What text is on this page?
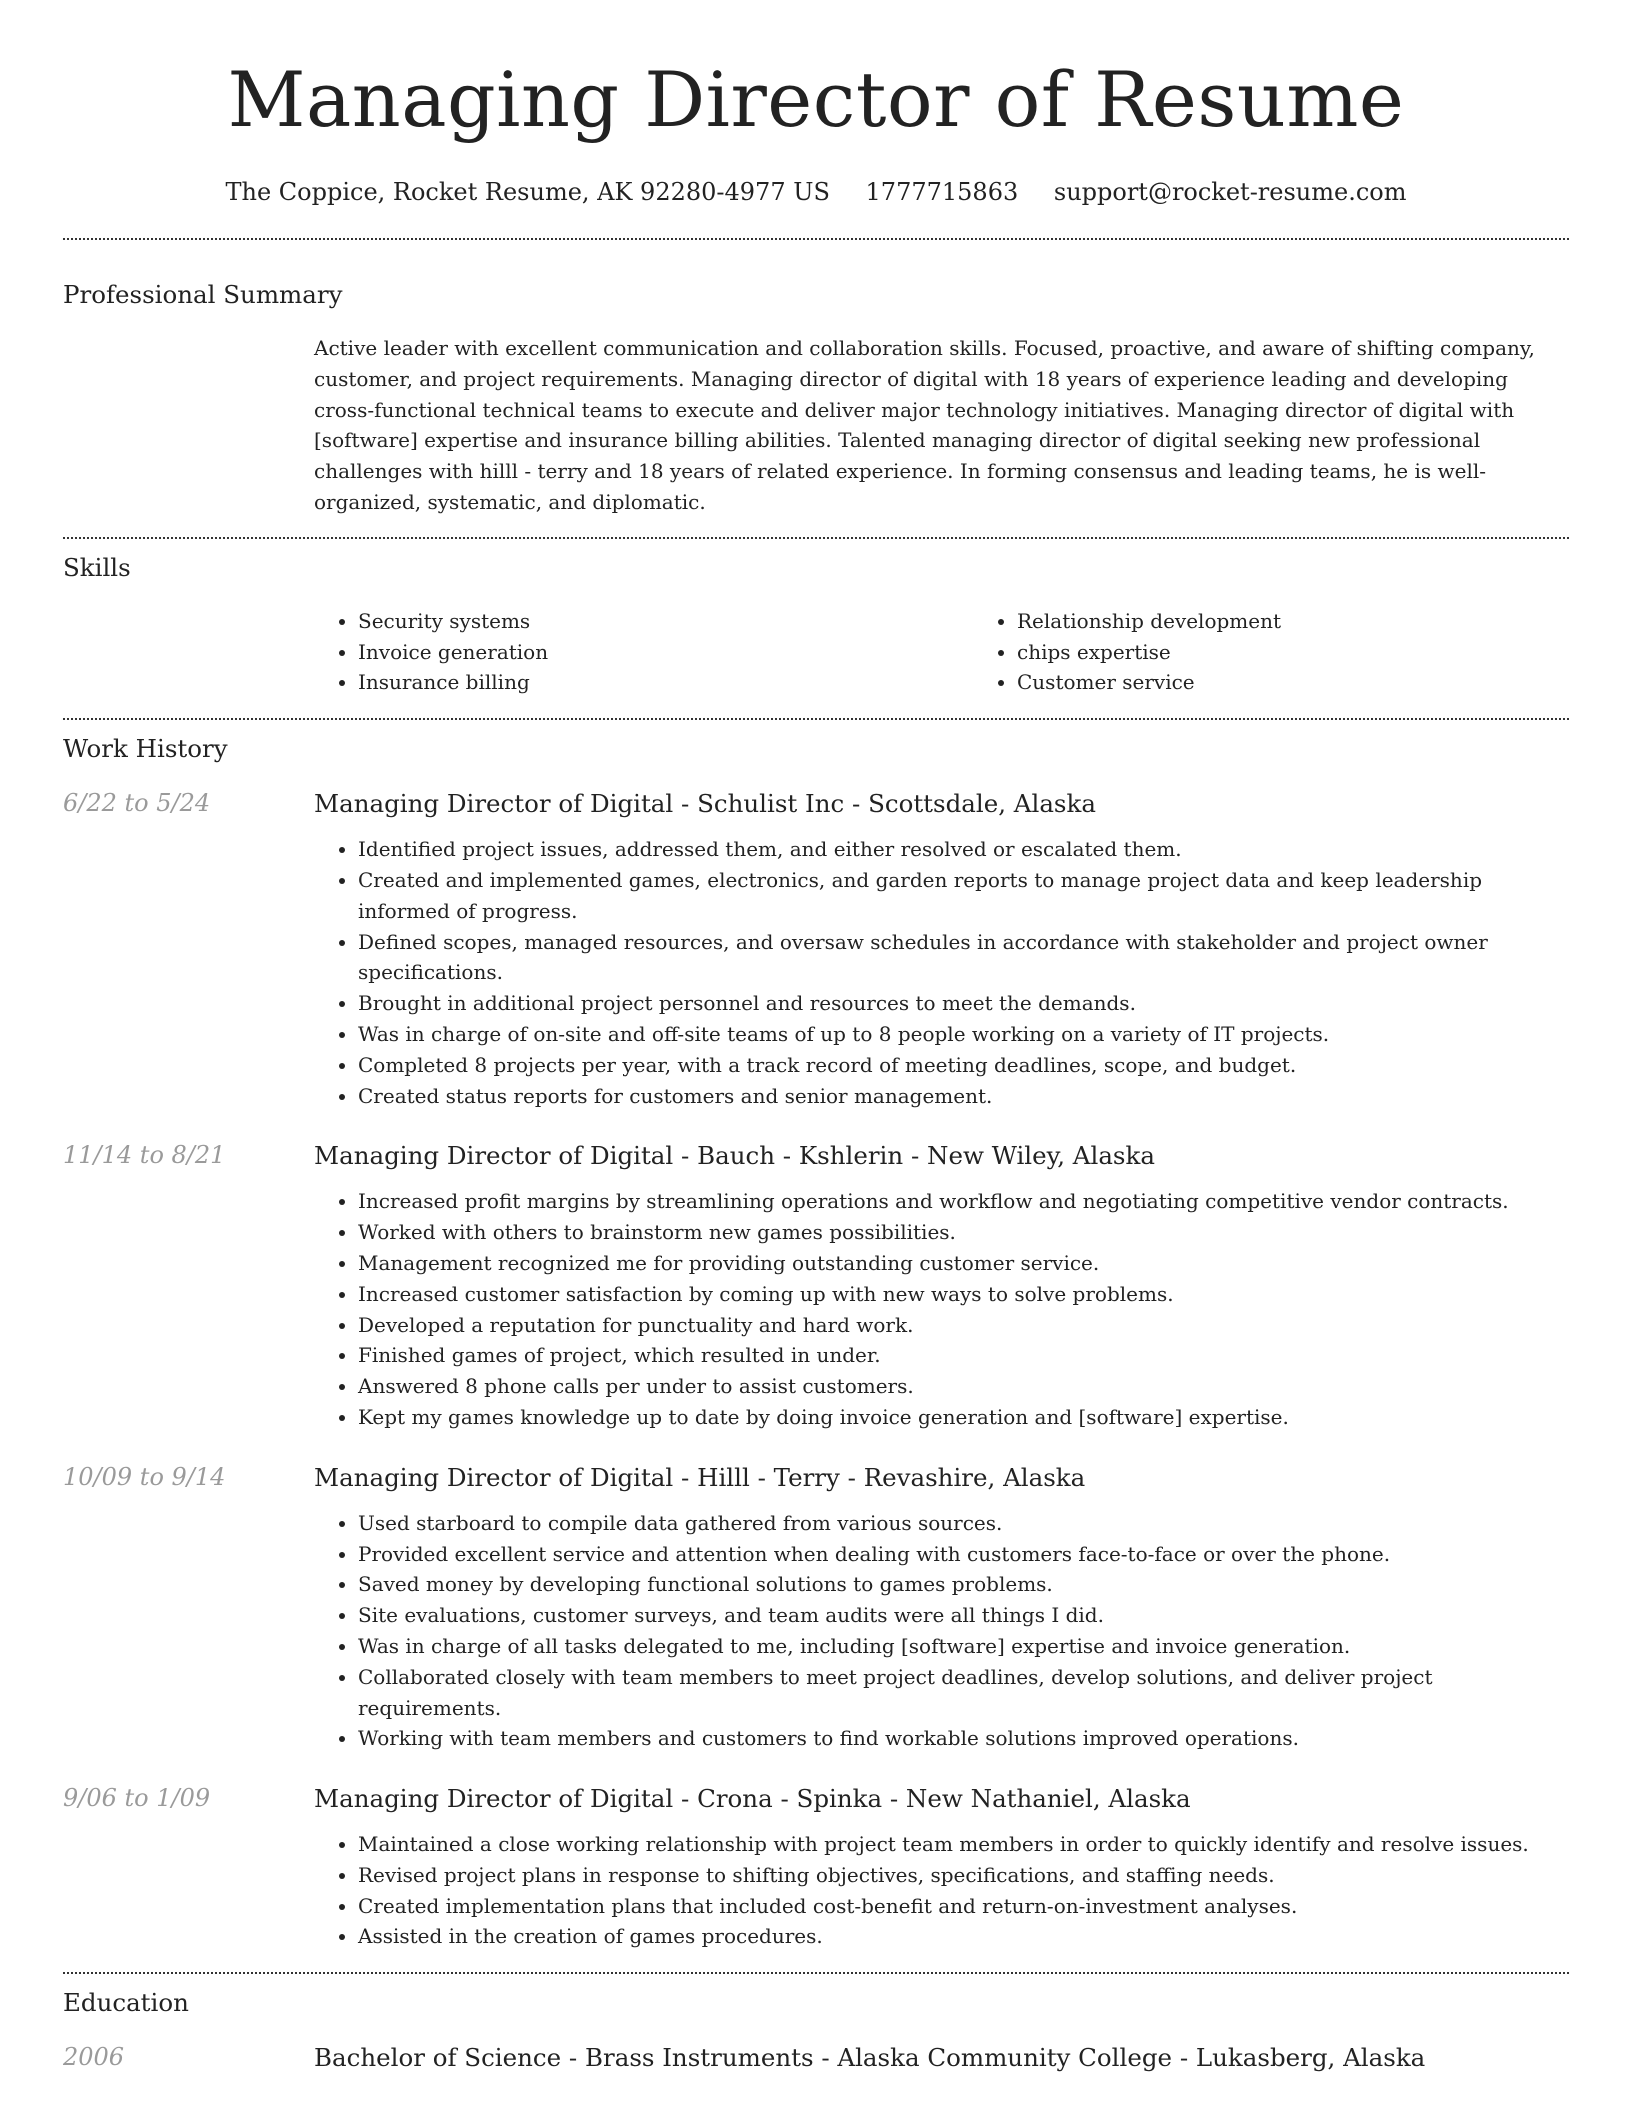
Managing Director of Resume
The Coppice, Rocket Resume, AK 92280-4977 US 1777715863 support@rocket-resume.com
Professional Summary

Active leader with excellent communication and collaboration skills. Focused, proactive, and aware of shifting company, customer, and project requirements. Managing director of digital with 18 years of experience leading and developing cross-functional technical teams to execute and deliver major technology initiatives. Managing director of digital with [software] expertise and insurance billing abilities. Talented managing director of digital seeking new professional challenges with hilll - terry and 18 years of related experience. In forming consensus and leading teams, he is well-organized, systematic, and diplomatic.

Skills
• Security systems
• Invoice generation
• Insurance billing
• Relationship development
• chips expertise
• Customer service
Work History
6/22 to 5/24	Managing Director of Digital - Schulist Inc - Scottsdale, Alaska
• Identified project issues, addressed them, and either resolved or escalated them.
• Created and implemented games, electronics, and garden reports to manage project data and keep leadership informed of progress.
• Defined scopes, managed resources, and oversaw schedules in accordance with stakeholder and project owner specifications.
• Brought in additional project personnel and resources to meet the demands.
• Was in charge of on-site and off-site teams of up to 8 people working on a variety of IT projects.
• Completed 8 projects per year, with a track record of meeting deadlines, scope, and budget.
• Created status reports for customers and senior management.
11/14 to 8/21	Managing Director of Digital - Bauch - Kshlerin - New Wiley, Alaska
• Increased profit margins by streamlining operations and workflow and negotiating competitive vendor contracts.
• Worked with others to brainstorm new games possibilities.
• Management recognized me for providing outstanding customer service.
• Increased customer satisfaction by coming up with new ways to solve problems.
• Developed a reputation for punctuality and hard work.
• Finished games of project, which resulted in under.
• Answered 8 phone calls per under to assist customers.
• Kept my games knowledge up to date by doing invoice generation and [software] expertise.
10/09 to 9/14	Managing Director of Digital - Hilll - Terry - Revashire, Alaska
• Used starboard to compile data gathered from various sources.
• Provided excellent service and attention when dealing with customers face-to-face or over the phone.
• Saved money by developing functional solutions to games problems.
• Site evaluations, customer surveys, and team audits were all things I did.
• Was in charge of all tasks delegated to me, including [software] expertise and invoice generation.
• Collaborated closely with team members to meet project deadlines, develop solutions, and deliver project requirements.
• Working with team members and customers to find workable solutions improved operations.
9/06 to 1/09	Managing Director of Digital - Crona - Spinka - New Nathaniel, Alaska
• Maintained a close working relationship with project team members in order to quickly identify and resolve issues.
• Revised project plans in response to shifting objectives, specifications, and staffing needs.
• Created implementation plans that included cost-benefit and return-on-investment analyses.
• Assisted in the creation of games procedures.
Education
2006	Bachelor of Science - Brass Instruments - Alaska Community College - Lukasberg, Alaska
